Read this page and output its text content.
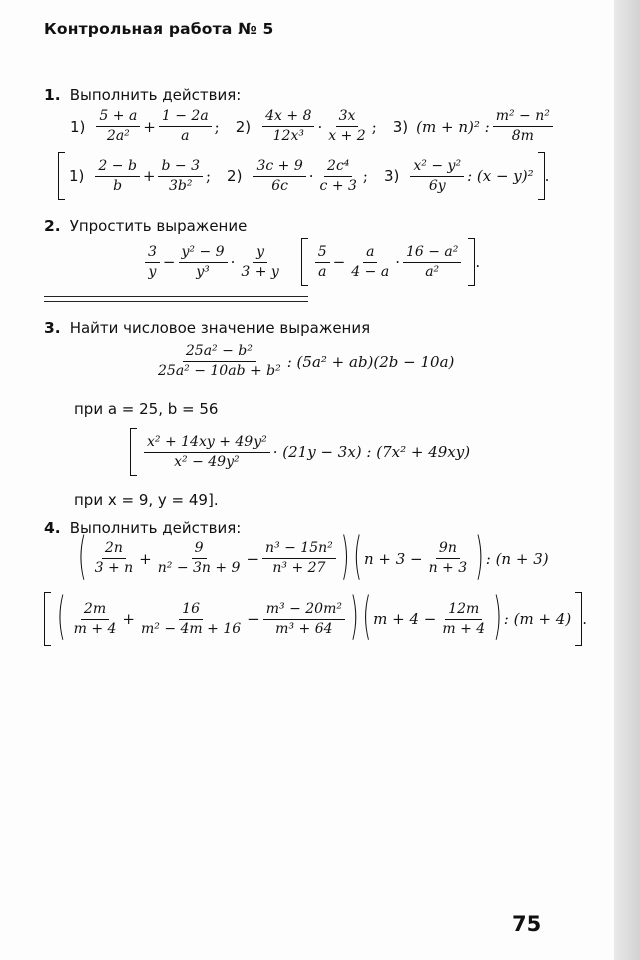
Контрольная работа № 5
1. Выполнить действия:
$1) \frac{5 + a}{\text{2a²}} + \frac{1 - 2a}{a}$ ; $2) \frac{4x + 8}{\text{12x³}} \cdot \frac{3x}{x + 2}$ ; 3) (m + n)² : $\frac{\text{m² − n²}}{8m}$
$1) \frac{2 - b}{b} + \frac{b - 3}{\text{3b²}}$ ; $2) \frac{3c + 9}{6c} \cdot \frac{\text{2c⁴}}{c + 3}$ ; $3) \frac{\text{x² − y²}}{6y}$ : (x − y)² .
2. Упростить выражение
$\frac{3}{y} - \frac{\text{y² − 9}}{\text{y³}} \cdot \frac{y}{3 + y} \frac{5}{a} - \frac{a}{4 - a} \cdot \frac{\text{16 − a²}}{\text{a²}}$ .
3. Найти числовое значение выражения
$\frac{\text{25a² − b²}}{\text{25a² − 10ab + b²}}$ : (5a² + ab)(2b − 10a)
при a = 25, b = 56
$\frac{\text{x² + 14xy + 49y²}}{\text{x² − 49y²}} \cdot (21y - 3x)$ : (7x² + 49xy)
при x = 9, y = 49].
4. Выполнить действия:
( $\frac{2n}{3 + n} + \frac{9}{\text{n² − 3n + 9}} - \frac{\text{n³ − 15n²}}{\text{n³ + 27}}$ ) ( $n + 3 - \frac{9n}{n + 3}$ ) : (n + 3)
( $\frac{2m}{m + 4} + \frac{16}{\text{m² − 4m + 16}} - \frac{\text{m³ − 20m²}}{\text{m³ + 64}}$ ) ( $m + 4 - \frac{12m}{m + 4}$ ) : (m + 4) .
75
